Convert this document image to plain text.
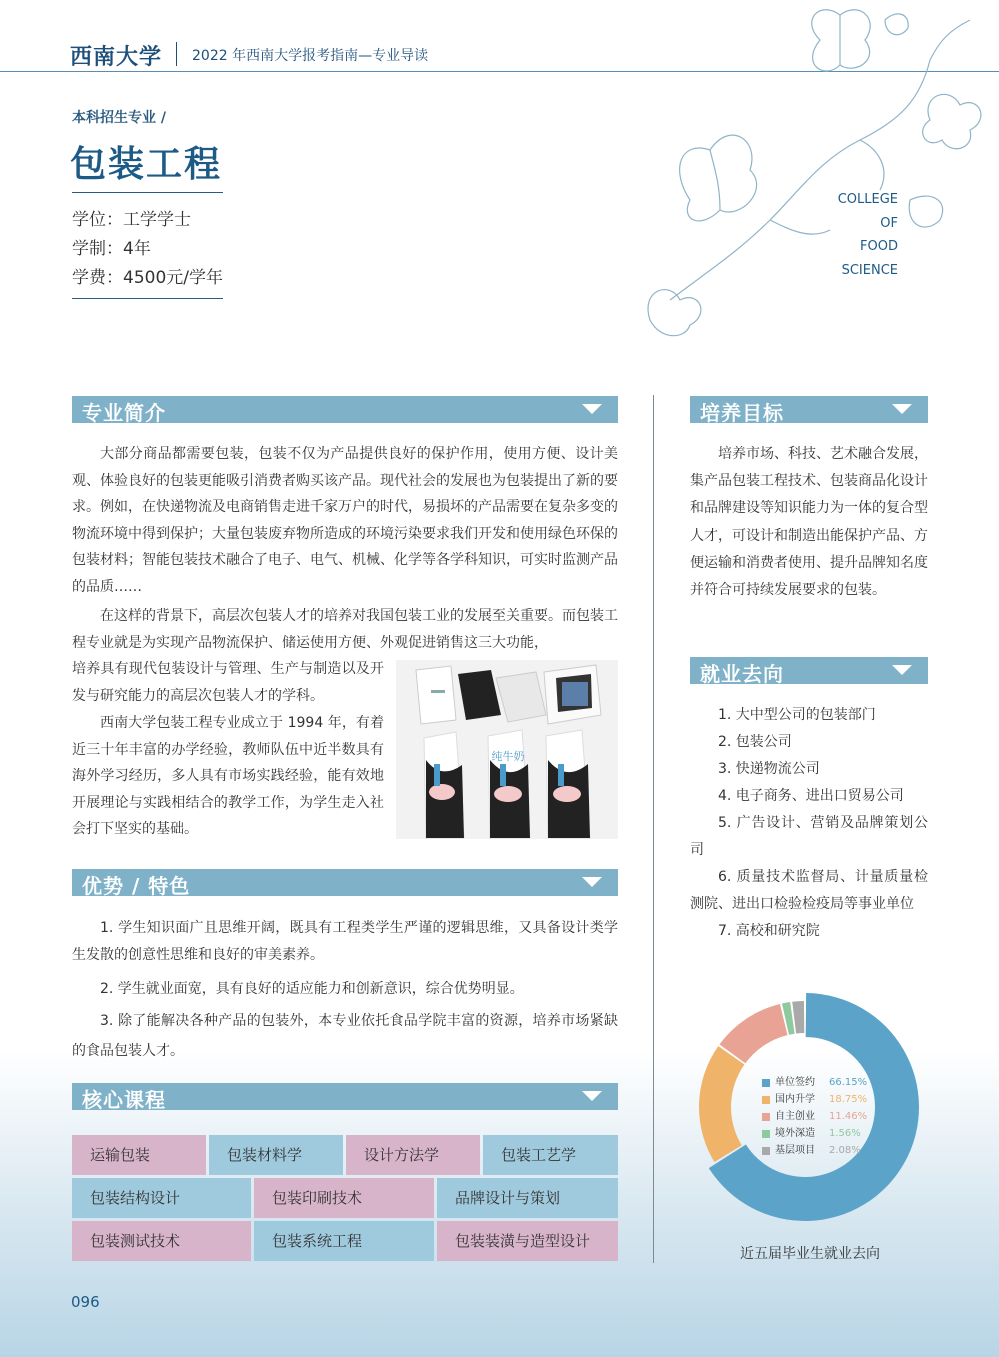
西南大学 2022 年西南大学报考指南—专业导读
COLLEGE
OF
FOOD
SCIENCE
本科招生专业 /
包装工程
学位：工学学士
学制：4年
学费：4500元/学年
专业简介
大部分商品都需要包装，包装不仅为产品提供良好的保护作用，使用方便、设计美观、体验良好的包装更能吸引消费者购买该产品。现代社会的发展也为包装提出了新的要求。例如，在快递物流及电商销售走进千家万户的时代，易损坏的产品需要在复杂多变的物流环境中得到保护；大量包装废弃物所造成的环境污染要求我们开发和使用绿色环保的包装材料；智能包装技术融合了电子、电气、机械、化学等各学科知识，可实时监测产品的品质……
在这样的背景下，高层次包装人才的培养对我国包装工业的发展至关重要。而包装工程专业就是为实现产品物流保护、储运使用方便、外观促进销售这三大功能，
培养具有现代包装设计与管理、生产与制造以及开发与研究能力的高层次包装人才的学科。
西南大学包装工程专业成立于 1994 年，有着近三十年丰富的办学经验，教师队伍中近半数具有海外学习经历，多人具有市场实践经验，能有效地开展理论与实践相结合的教学工作，为学生走入社会打下坚实的基础。
纯牛奶
优势 / 特色
1. 学生知识面广且思维开阔，既具有工程类学生严谨的逻辑思维，又具备设计类学生发散的创意性思维和良好的审美素养。
2. 学生就业面宽，具有良好的适应能力和创新意识，综合优势明显。
3. 除了能解决各种产品的包装外，本专业依托食品学院丰富的资源，培养市场紧缺的食品包装人才。
核心课程
运输包装	包装材料学	设计方法学	包装工艺学
包装结构设计	包装印刷技术	品牌设计与策划
包装测试技术	包装系统工程	包装装潢与造型设计
培养目标
培养市场、科技、艺术融合发展，集产品包装工程技术、包装商品化设计和品牌建设等知识能力为一体的复合型人才，可设计和制造出能保护产品、方便运输和消费者使用、提升品牌知名度并符合可持续发展要求的包装。
就业去向
1. 大中型公司的包装部门
2. 包装公司
3. 快递物流公司
4. 电子商务、进出口贸易公司
5. 广告设计、营销及品牌策划公司
6. 质量技术监督局、计量质量检测院、进出口检验检疫局等事业单位
7. 高校和研究院
单位签约 66.15%
国内升学 18.75%
自主创业 11.46%
境外深造 1.56%
基层项目 2.08%
近五届毕业生就业去向
096
